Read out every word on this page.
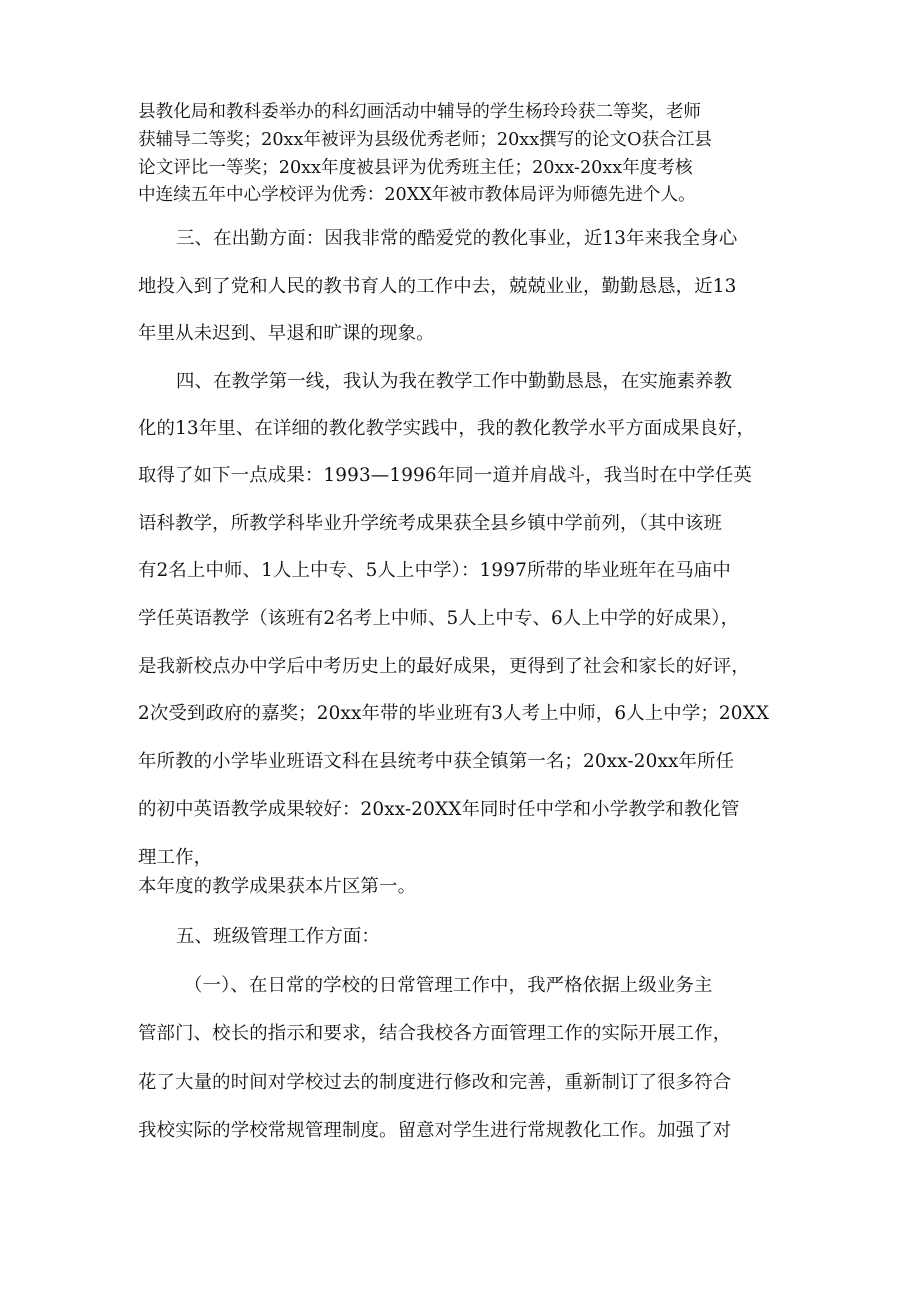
县教化局和教科委举办的科幻画活动中辅导的学生杨玲玲获二等奖，老师
获辅导二等奖；20xx年被评为县级优秀老师；20xx撰写的论文O获合江县
论文评比一等奖；20xx年度被县评为优秀班主任；20xx-20xx年度考核
中连续五年中心学校评为优秀：20XX年被市教体局评为师德先进个人。
三、在出勤方面：因我非常的酷爱党的教化事业，近13年来我全身心
地投入到了党和人民的教书育人的工作中去，兢兢业业，勤勤恳恳，近13
年里从未迟到、早退和旷课的现象。
四、在教学第一线，我认为我在教学工作中勤勤恳恳，在实施素养教
化的13年里、在详细的教化教学实践中，我的教化教学水平方面成果良好，
取得了如下一点成果：1993—1996年同一道并肩战斗，我当时在中学任英
语科教学，所教学科毕业升学统考成果获全县乡镇中学前列，（其中该班
有2名上中师、1人上中专、5人上中学）：1997所带的毕业班年在马庙中
学任英语教学（该班有2名考上中师、5人上中专、6人上中学的好成果），
是我新校点办中学后中考历史上的最好成果，更得到了社会和家长的好评，
2次受到政府的嘉奖；20xx年带的毕业班有3人考上中师，6人上中学；20XX
年所教的小学毕业班语文科在县统考中获全镇第一名；20xx-20xx年所任
的初中英语教学成果较好：20xx-20XX年同时任中学和小学教学和教化管
理工作，
本年度的教学成果获本片区第一。
五、班级管理工作方面：
（一）、在日常的学校的日常管理工作中，我严格依据上级业务主
管部门、校长的指示和要求，结合我校各方面管理工作的实际开展工作，
花了大量的时间对学校过去的制度进行修改和完善，重新制订了很多符合
我校实际的学校常规管理制度。留意对学生进行常规教化工作。加强了对
